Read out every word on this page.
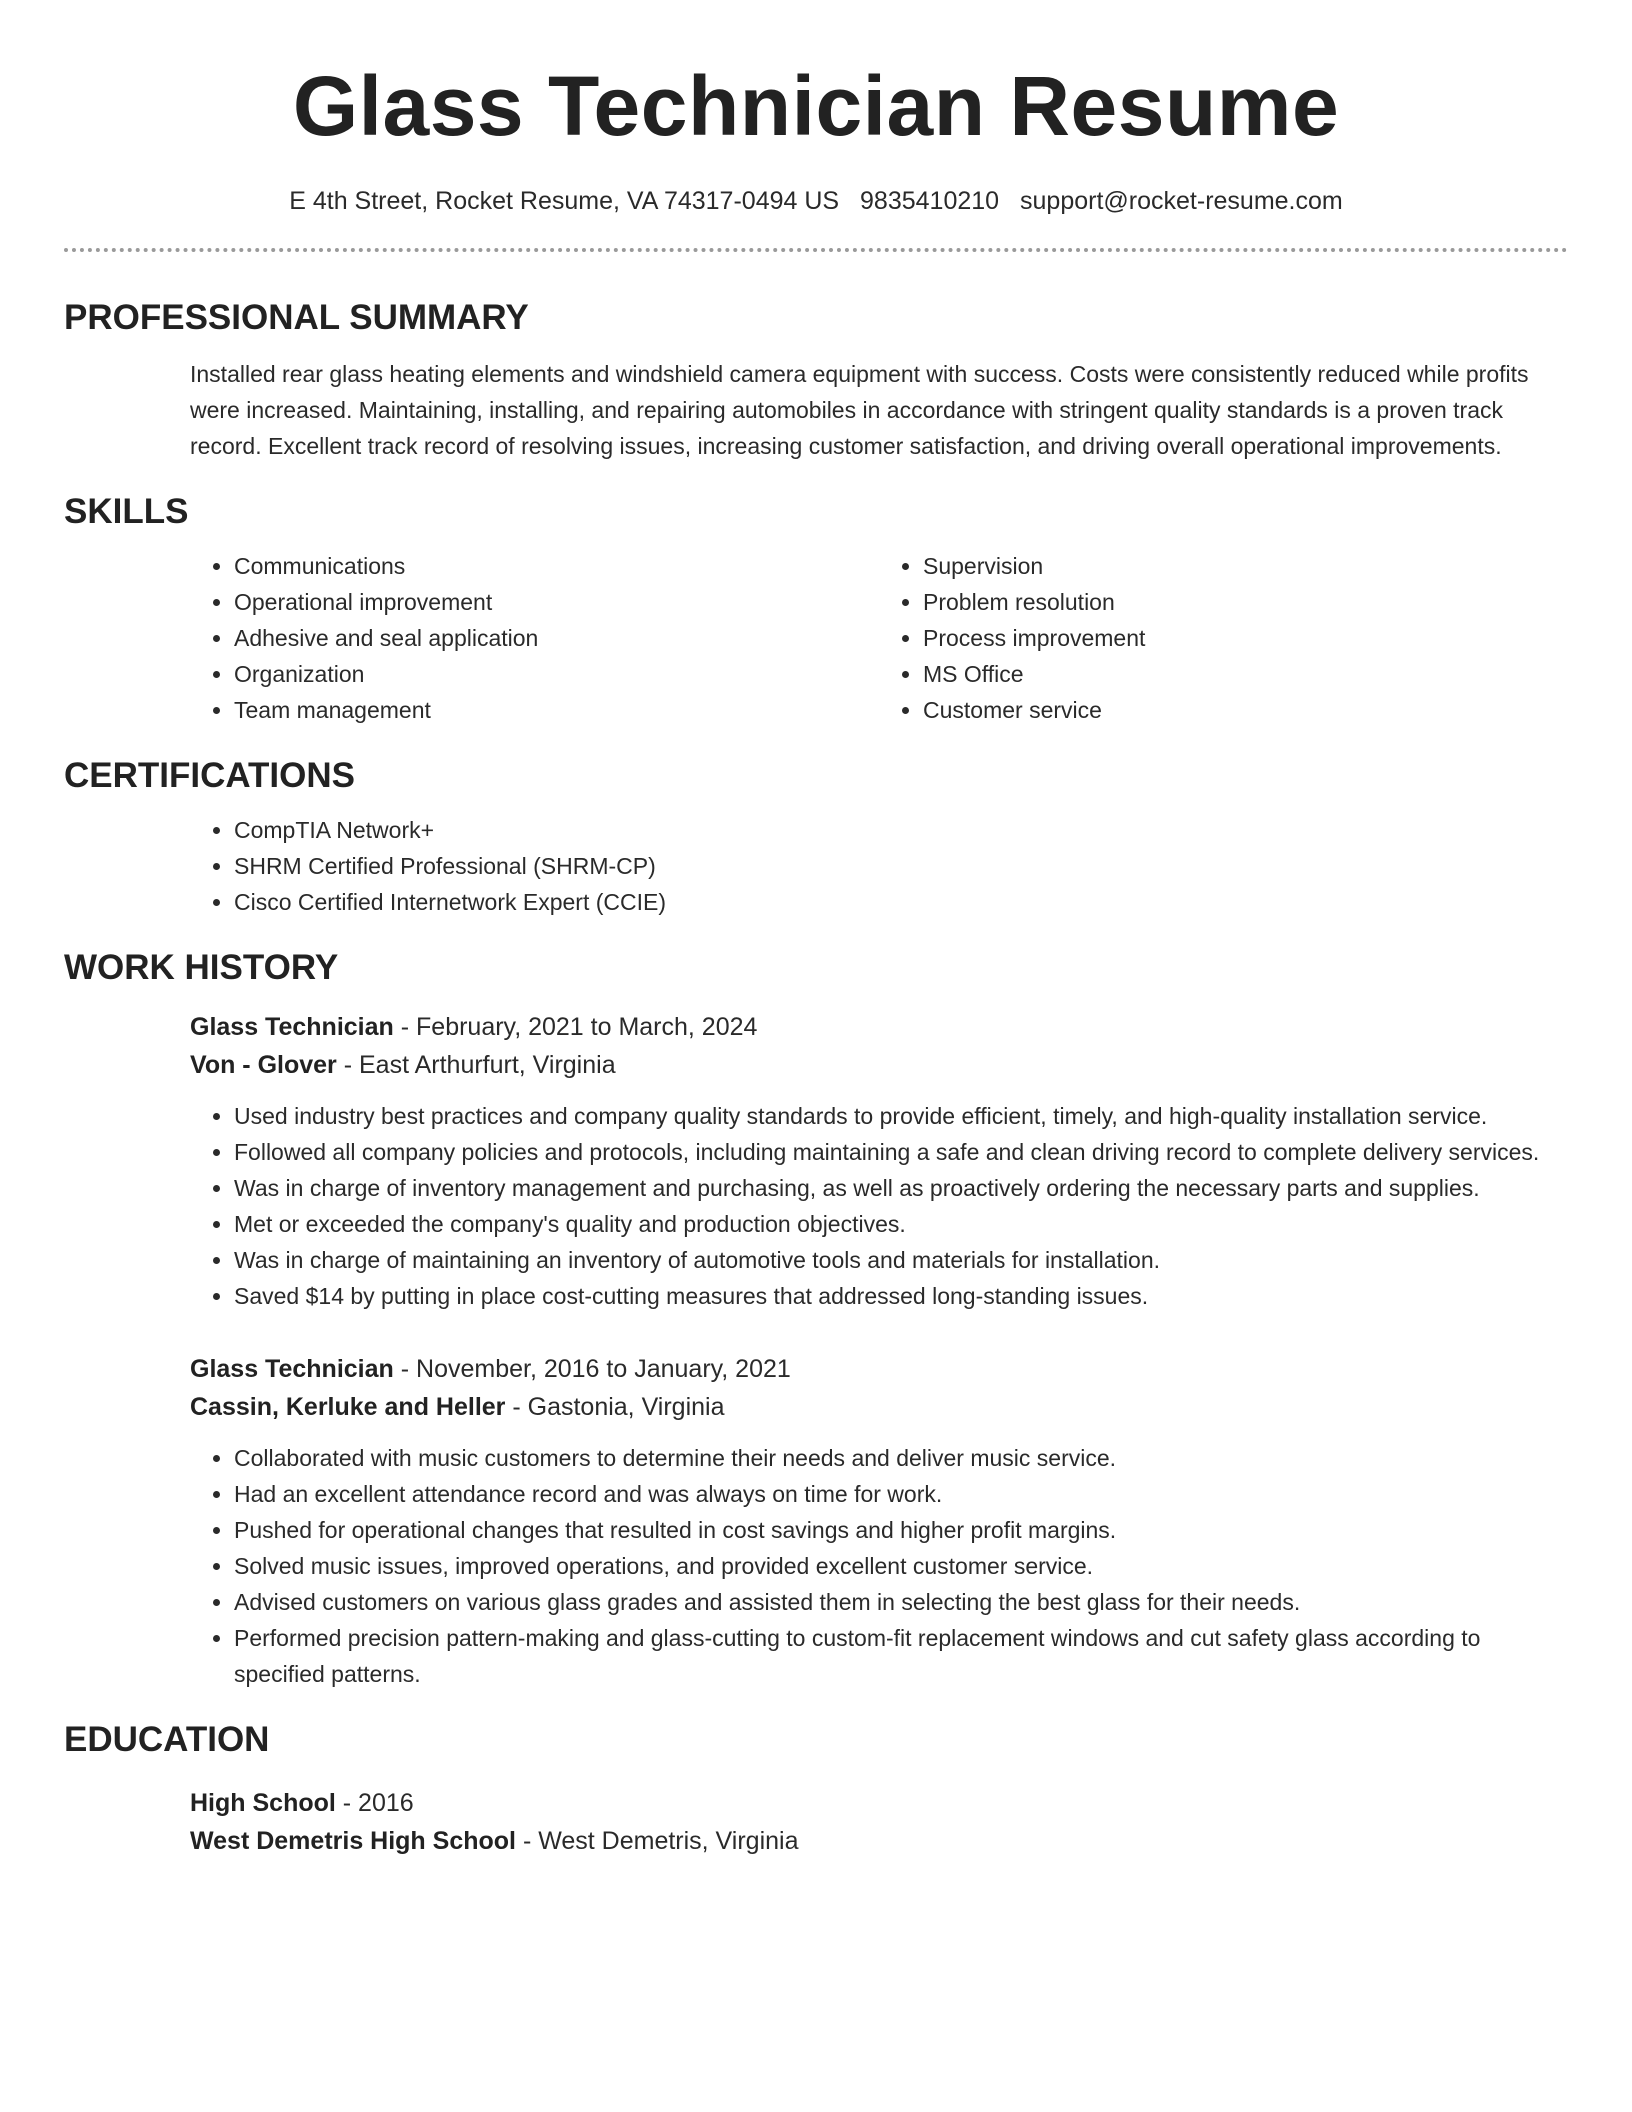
Glass Technician Resume
E 4th Street, Rocket Resume, VA 74317-0494 US 9835410210 support@rocket-resume.com
PROFESSIONAL SUMMARY
Installed rear glass heating elements and windshield camera equipment with success. Costs were consistently reduced while profits were increased. Maintaining, installing, and repairing automobiles in accordance with stringent quality standards is a proven track record. Excellent track record of resolving issues, increasing customer satisfaction, and driving overall operational improvements.
SKILLS
• Communications
• Operational improvement
• Adhesive and seal application
• Organization
• Team management
• Supervision
• Problem resolution
• Process improvement
• MS Office
• Customer service
CERTIFICATIONS
• CompTIA Network+
• SHRM Certified Professional (SHRM-CP)
• Cisco Certified Internetwork Expert (CCIE)
WORK HISTORY
Glass Technician - February, 2021 to March, 2024
Von - Glover - East Arthurfurt, Virginia
• Used industry best practices and company quality standards to provide efficient, timely, and high-quality installation service.
• Followed all company policies and protocols, including maintaining a safe and clean driving record to complete delivery services.
• Was in charge of inventory management and purchasing, as well as proactively ordering the necessary parts and supplies.
• Met or exceeded the company's quality and production objectives.
• Was in charge of maintaining an inventory of automotive tools and materials for installation.
• Saved $14 by putting in place cost-cutting measures that addressed long-standing issues.
Glass Technician - November, 2016 to January, 2021
Cassin, Kerluke and Heller - Gastonia, Virginia
• Collaborated with music customers to determine their needs and deliver music service.
• Had an excellent attendance record and was always on time for work.
• Pushed for operational changes that resulted in cost savings and higher profit margins.
• Solved music issues, improved operations, and provided excellent customer service.
• Advised customers on various glass grades and assisted them in selecting the best glass for their needs.
• Performed precision pattern-making and glass-cutting to custom-fit replacement windows and cut safety glass according to specified patterns.
EDUCATION
High School - 2016
West Demetris High School - West Demetris, Virginia
